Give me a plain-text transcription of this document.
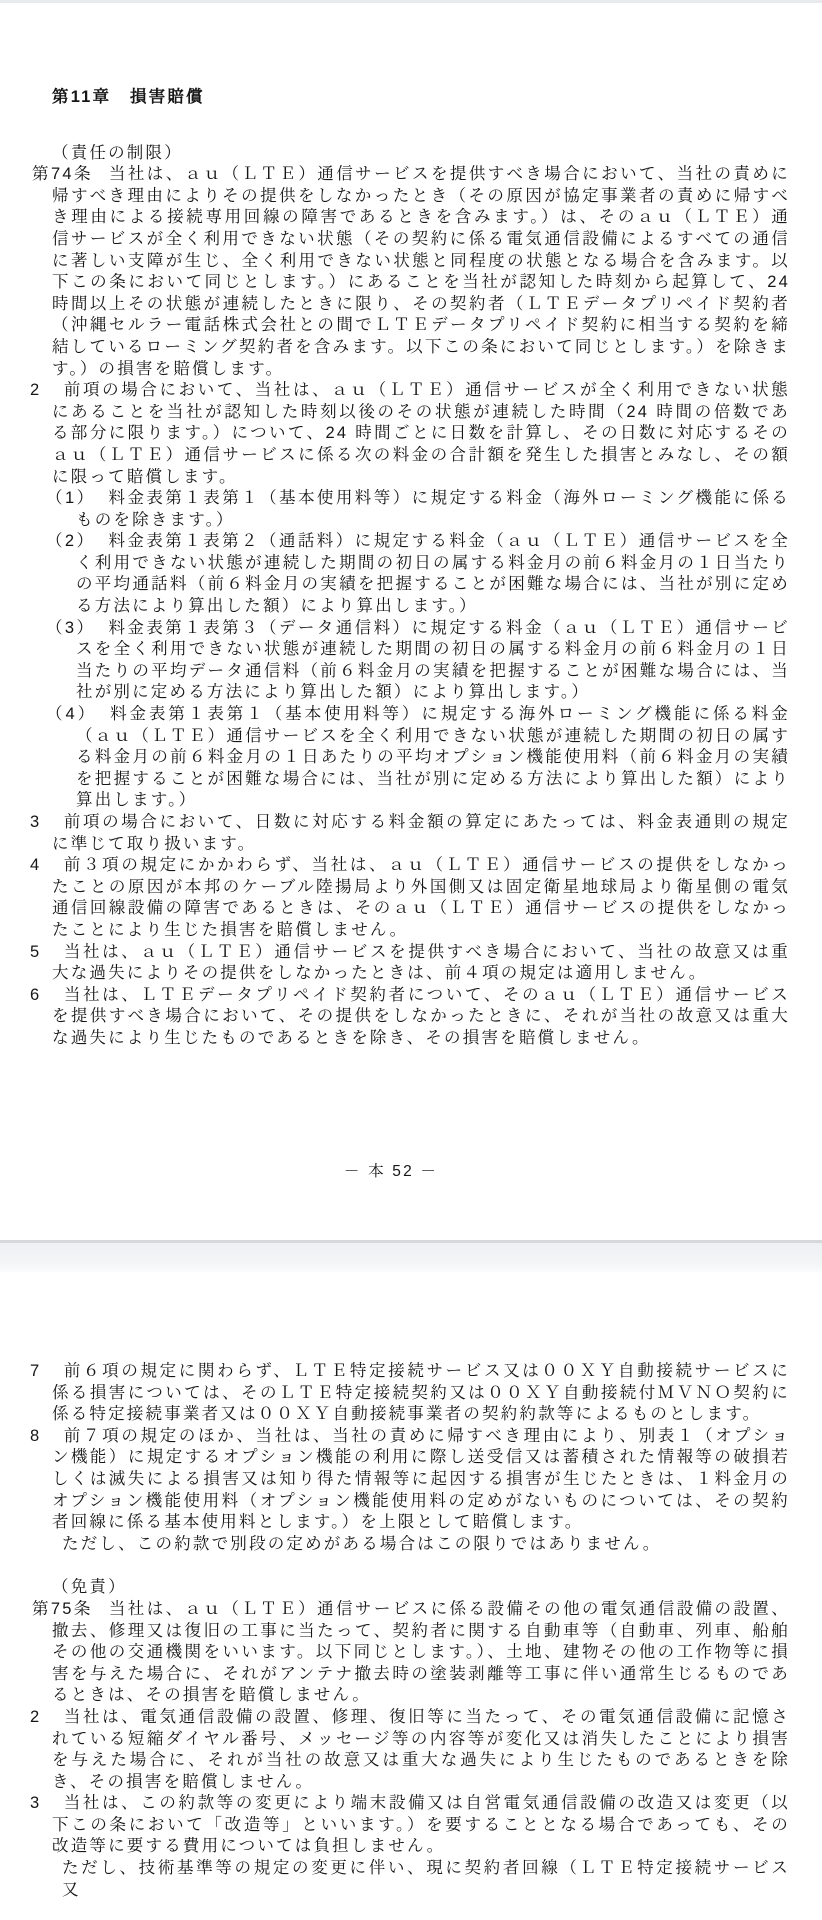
第11章　損害賠償
（責任の制限）
第74条 当社は、ａｕ（ＬＴＥ）通信サービスを提供すべき場合において、当社の責めに帰すべき理由によりその提供をしなかったとき（その原因が協定事業者の責めに帰すべき理由による接続専用回線の障害であるときを含みます。）は、そのａｕ（ＬＴＥ）通信サービスが全く利用できない状態（その契約に係る電気通信設備によるすべての通信に著しい支障が生じ、全く利用できない状態と同程度の状態となる場合を含みます。以下この条において同じとします。）にあることを当社が認知した時刻から起算して、24 時間以上その状態が連続したときに限り、その契約者（ＬＴＥデータプリペイド契約者（沖縄セルラー電話株式会社との間でＬＴＥデータプリペイド契約に相当する契約を締結しているローミング契約者を含みます。以下この条において同じとします。）を除きます。）の損害を賠償します。
2 前項の場合において、当社は、ａｕ（ＬＴＥ）通信サービスが全く利用できない状態にあることを当社が認知した時刻以後のその状態が連続した時間（24 時間の倍数である部分に限ります。）について、24 時間ごとに日数を計算し、その日数に対応するそのａｕ（ＬＴＥ）通信サービスに係る次の料金の合計額を発生した損害とみなし、その額に限って賠償します。
（1） 料金表第１表第１（基本使用料等）に規定する料金（海外ローミング機能に係るものを除きます。）
（2） 料金表第１表第２（通話料）に規定する料金（ａｕ（ＬＴＥ）通信サービスを全く利用できない状態が連続した期間の初日の属する料金月の前６料金月の１日当たりの平均通話料（前６料金月の実績を把握することが困難な場合には、当社が別に定める方法により算出した額）により算出します。）
（3） 料金表第１表第３（データ通信料）に規定する料金（ａｕ（ＬＴＥ）通信サービスを全く利用できない状態が連続した期間の初日の属する料金月の前６料金月の１日当たりの平均データ通信料（前６料金月の実績を把握することが困難な場合には、当社が別に定める方法により算出した額）により算出します。）
（4） 料金表第１表第１（基本使用料等）に規定する海外ローミング機能に係る料金（ａｕ（ＬＴＥ）通信サービスを全く利用できない状態が連続した期間の初日の属する料金月の前６料金月の１日あたりの平均オプション機能使用料（前６料金月の実績を把握することが困難な場合には、当社が別に定める方法により算出した額）により算出します。）
3 前項の場合において、日数に対応する料金額の算定にあたっては、料金表通則の規定に準じて取り扱います。
4 前３項の規定にかかわらず、当社は、ａｕ（ＬＴＥ）通信サービスの提供をしなかったことの原因が本邦のケーブル陸揚局より外国側又は固定衛星地球局より衛星側の電気通信回線設備の障害であるときは、そのａｕ（ＬＴＥ）通信サービスの提供をしなかったことにより生じた損害を賠償しません。
5 当社は、ａｕ（ＬＴＥ）通信サービスを提供すべき場合において、当社の故意又は重大な過失によりその提供をしなかったときは、前４項の規定は適用しません。
6 当社は、ＬＴＥデータプリペイド契約者について、そのａｕ（ＬＴＥ）通信サービスを提供すべき場合において、その提供をしなかったときに、それが当社の故意又は重大な過失により生じたものであるときを除き、その損害を賠償しません。
－ 本 52 －
7 前６項の規定に関わらず、ＬＴＥ特定接続サービス又は００ＸＹ自動接続サービスに係る損害については、そのＬＴＥ特定接続契約又は００ＸＹ自動接続付ＭＶＮＯ契約に係る特定接続事業者又は００ＸＹ自動接続事業者の契約約款等によるものとします。
8 前７項の規定のほか、当社は、当社の責めに帰すべき理由により、別表１（オプション機能）に規定するオプション機能の利用に際し送受信又は蓄積された情報等の破損若しくは滅失による損害又は知り得た情報等に起因する損害が生じたときは、１料金月のオプション機能使用料（オプション機能使用料の定めがないものについては、その契約者回線に係る基本使用料とします。）を上限として賠償します。
ただし、この約款で別段の定めがある場合はこの限りではありません。
（免責）
第75条 当社は、ａｕ（ＬＴＥ）通信サービスに係る設備その他の電気通信設備の設置、撤去、修理又は復旧の工事に当たって、契約者に関する自動車等（自動車、列車、船舶その他の交通機関をいいます。以下同じとします。）、土地、建物その他の工作物等に損害を与えた場合に、それがアンテナ撤去時の塗装剥離等工事に伴い通常生じるものであるときは、その損害を賠償しません。
2 当社は、電気通信設備の設置、修理、復旧等に当たって、その電気通信設備に記憶されている短縮ダイヤル番号、メッセージ等の内容等が変化又は消失したことにより損害を与えた場合に、それが当社の故意又は重大な過失により生じたものであるときを除き、その損害を賠償しません。
3 当社は、この約款等の変更により端末設備又は自営電気通信設備の改造又は変更（以下この条において「改造等」といいます。）を要することとなる場合であっても、その改造等に要する費用については負担しません。
ただし、技術基準等の規定の変更に伴い、現に契約者回線（ＬＴＥ特定接続サービス又
